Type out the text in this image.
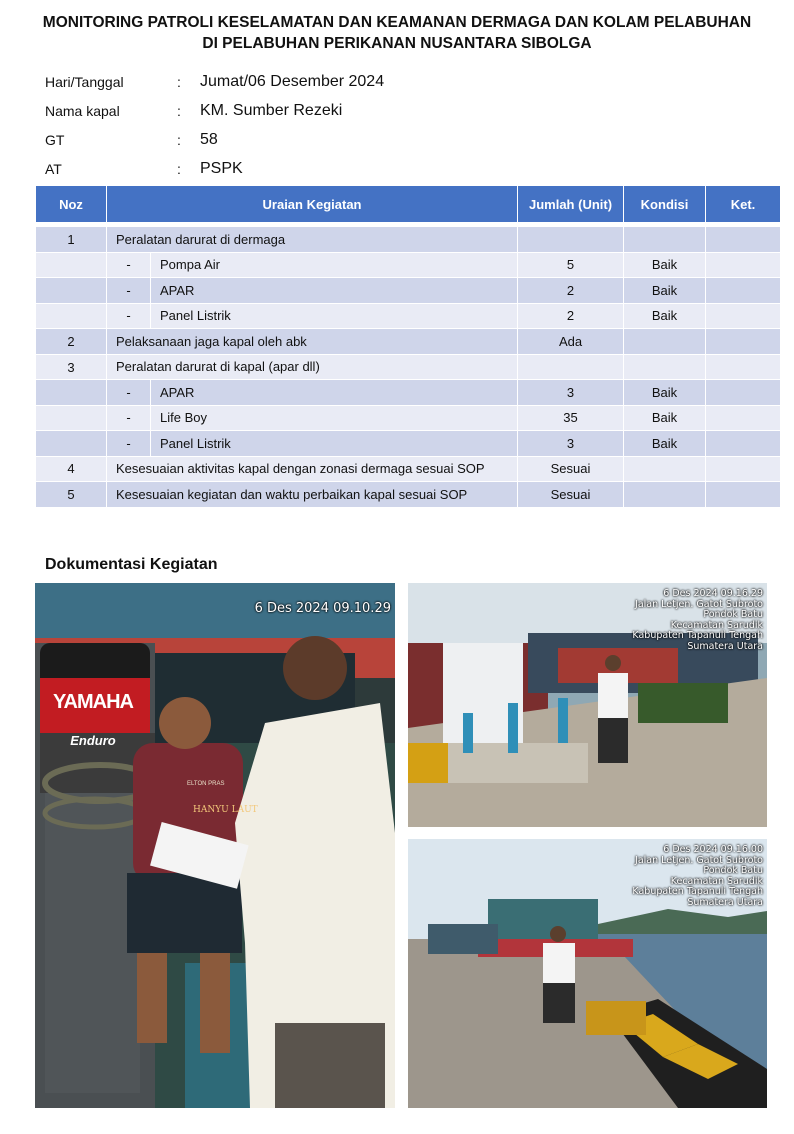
MONITORING PATROLI KESELAMATAN DAN KEAMANAN DERMAGA DAN KOLAM PELABUHAN
DI PELABUHAN PERIKANAN NUSANTARA SIBOLGA
Hari/Tanggal	:	Jumat/06 Desember 2024
Nama kapal	:	KM. Sumber Rezeki
GT	:	58
AT	:	PSPK
Noz	Uraian Kegiatan		Jumlah (Unit)	Kondisi	Ket.

1	Peralatan darurat di dermaga				
	-	Pompa Air	5	Baik	
	-	APAR	2	Baik	
	-	Panel Listrik	2	Baik	
2	Pelaksanaan jaga kapal oleh abk		Ada		
3	Peralatan darurat di kapal (apar dll)				
	-	APAR	3	Baik	
	-	Life Boy	35	Baik	
	-	Panel Listrik	3	Baik	
4	Kesesuaian aktivitas kapal dengan zonasi dermaga sesuai SOP		Sesuai		
5	Kesesuaian kegiatan dan waktu perbaikan kapal sesuai SOP		Sesuai		
Dokumentasi Kegiatan
YAMAHA
Enduro
ELTON PRAS
HANYU LAUT
6 Des 2024 09.10.29
6 Des 2024 09.16.29
Jalan Letjen. Gatot Subroto
Pondok Batu
Kecamatan Sarudik
Kabupaten Tapanuli Tengah
Sumatera Utara
6 Des 2024 09.16.00
Jalan Letjen. Gatot Subroto
Pondok Batu
Kecamatan Sarudik
Kabupaten Tapanuli Tengah
Sumatera Utara
